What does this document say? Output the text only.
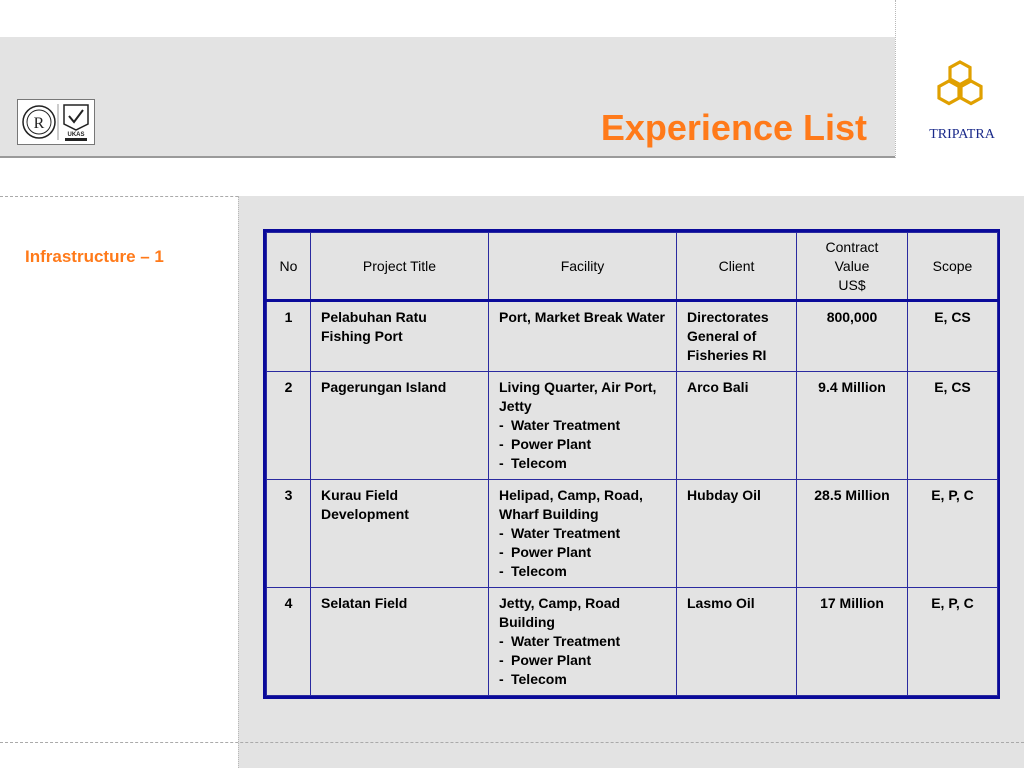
R
UKAS	Experience List	TRIPATRA
Infrastructure – 1	No	Project Title	Facility	Client	Contract Value US$	Scope
1	Pelabuhan Ratu Fishing Port	Port, Market Break Water	Directorates General of Fisheries RI	800,000	E, CS
2	Pagerungan Island	Living Quarter, Air Port, Jetty
- Water Treatment
- Power Plant
- Telecom	Arco Bali	9.4 Million	E, CS
3	Kurau Field Development	Helipad, Camp, Road, Wharf Building
- Water Treatment
- Power Plant
- Telecom	Hubday Oil	28.5 Million	E, P, C
4	Selatan Field	Jetty, Camp, Road Building
- Water Treatment
- Power Plant
- Telecom	Lasmo Oil	17 Million	E, P, C
